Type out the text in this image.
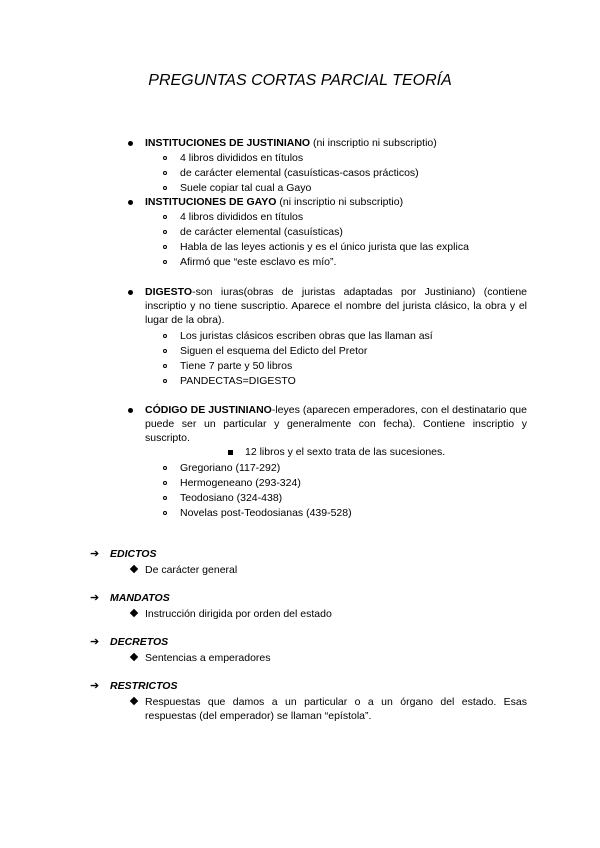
PREGUNTAS CORTAS PARCIAL TEORÍA
INSTITUCIONES DE JUSTINIANO (ni inscriptio ni subscriptio)
4 libros divididos en títulos
de carácter elemental (casuísticas-casos prácticos)
Suele copiar tal cual a Gayo
INSTITUCIONES DE GAYO (ni inscriptio ni subscriptio)
4 libros divididos en títulos
de carácter elemental (casuísticas)
Habla de las leyes actionis y es el único jurista que las explica
Afirmó que “este esclavo es mío”.
DIGESTO-son iuras(obras de juristas adaptadas por Justiniano) (contiene inscriptio y no tiene suscriptio. Aparece el nombre del jurista clásico, la obra y el lugar de la obra).
Los juristas clásicos escriben obras que las llaman así
Siguen el esquema del Edicto del Pretor
Tiene 7 parte y 50 libros
PANDECTAS=DIGESTO
CÓDIGO DE JUSTINIANO-leyes (aparecen emperadores, con el destinatario que puede ser un particular y generalmente con fecha). Contiene inscriptio y suscripto.
12 libros y el sexto trata de las sucesiones.
Gregoriano (117-292)
Hermogeneano (293-324)
Teodosiano (324-438)
Novelas post-Teodosianas (439-528)
➔ EDICTOS
De carácter general
➔ MANDATOS
Instrucción dirigida por orden del estado
➔ DECRETOS
Sentencias a emperadores
➔ RESTRICTOS
Respuestas que damos a un particular o a un órgano del estado. Esas respuestas (del emperador) se llaman “epístola”.
